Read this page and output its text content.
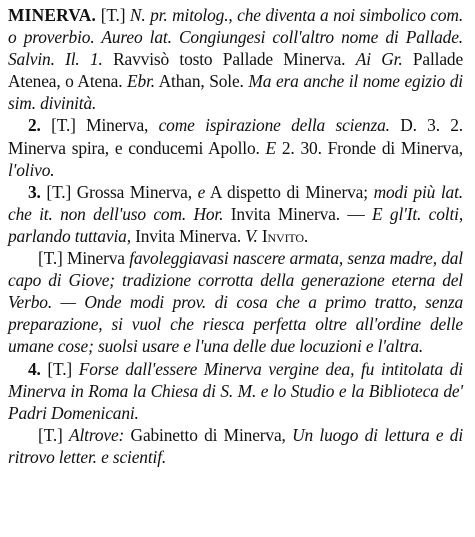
MINERVA. [T.] N. pr. mitolog., che diventa a noi simbolico com. o proverbio. Aureo lat. Congiungesi coll'altro nome di Pallade. Salvin. Il. 1. Ravvisò tosto Pallade Minerva. Ai Gr. Pallade Atenea, o Atena. Ebr. Athan, Sole. Ma era anche il nome egizio di sim. divinità.

2. [T.] Minerva, come ispirazione della scienza. D. 3. 2. Minerva spira, e conducemi Apollo. E 2. 30. Fronde di Minerva, l'olivo.

3. [T.] Grossa Minerva, e A dispetto di Minerva; modi più lat. che it. non dell'uso com. Hor. Invita Minerva. — E gl'It. colti, parlando tuttavia, Invita Minerva. V. Invito.

[T.] Minerva favoleggiavasi nascere armata, senza madre, dal capo di Giove; tradizione corrotta della generazione eterna del Verbo. — Onde modi prov. di cosa che a primo tratto, senza preparazione, si vuol che riesca perfetta oltre all'ordine delle umane cose; suolsi usare e l'una delle due locuzioni e l'altra.

4. [T.] Forse dall'essere Minerva vergine dea, fu intitolata di Minerva in Roma la Chiesa di S. M. e lo Studio e la Biblioteca de' Padri Domenicani.

[T.] Altrove: Gabinetto di Minerva, Un luogo di lettura e di ritrovo letter. e scientif.
